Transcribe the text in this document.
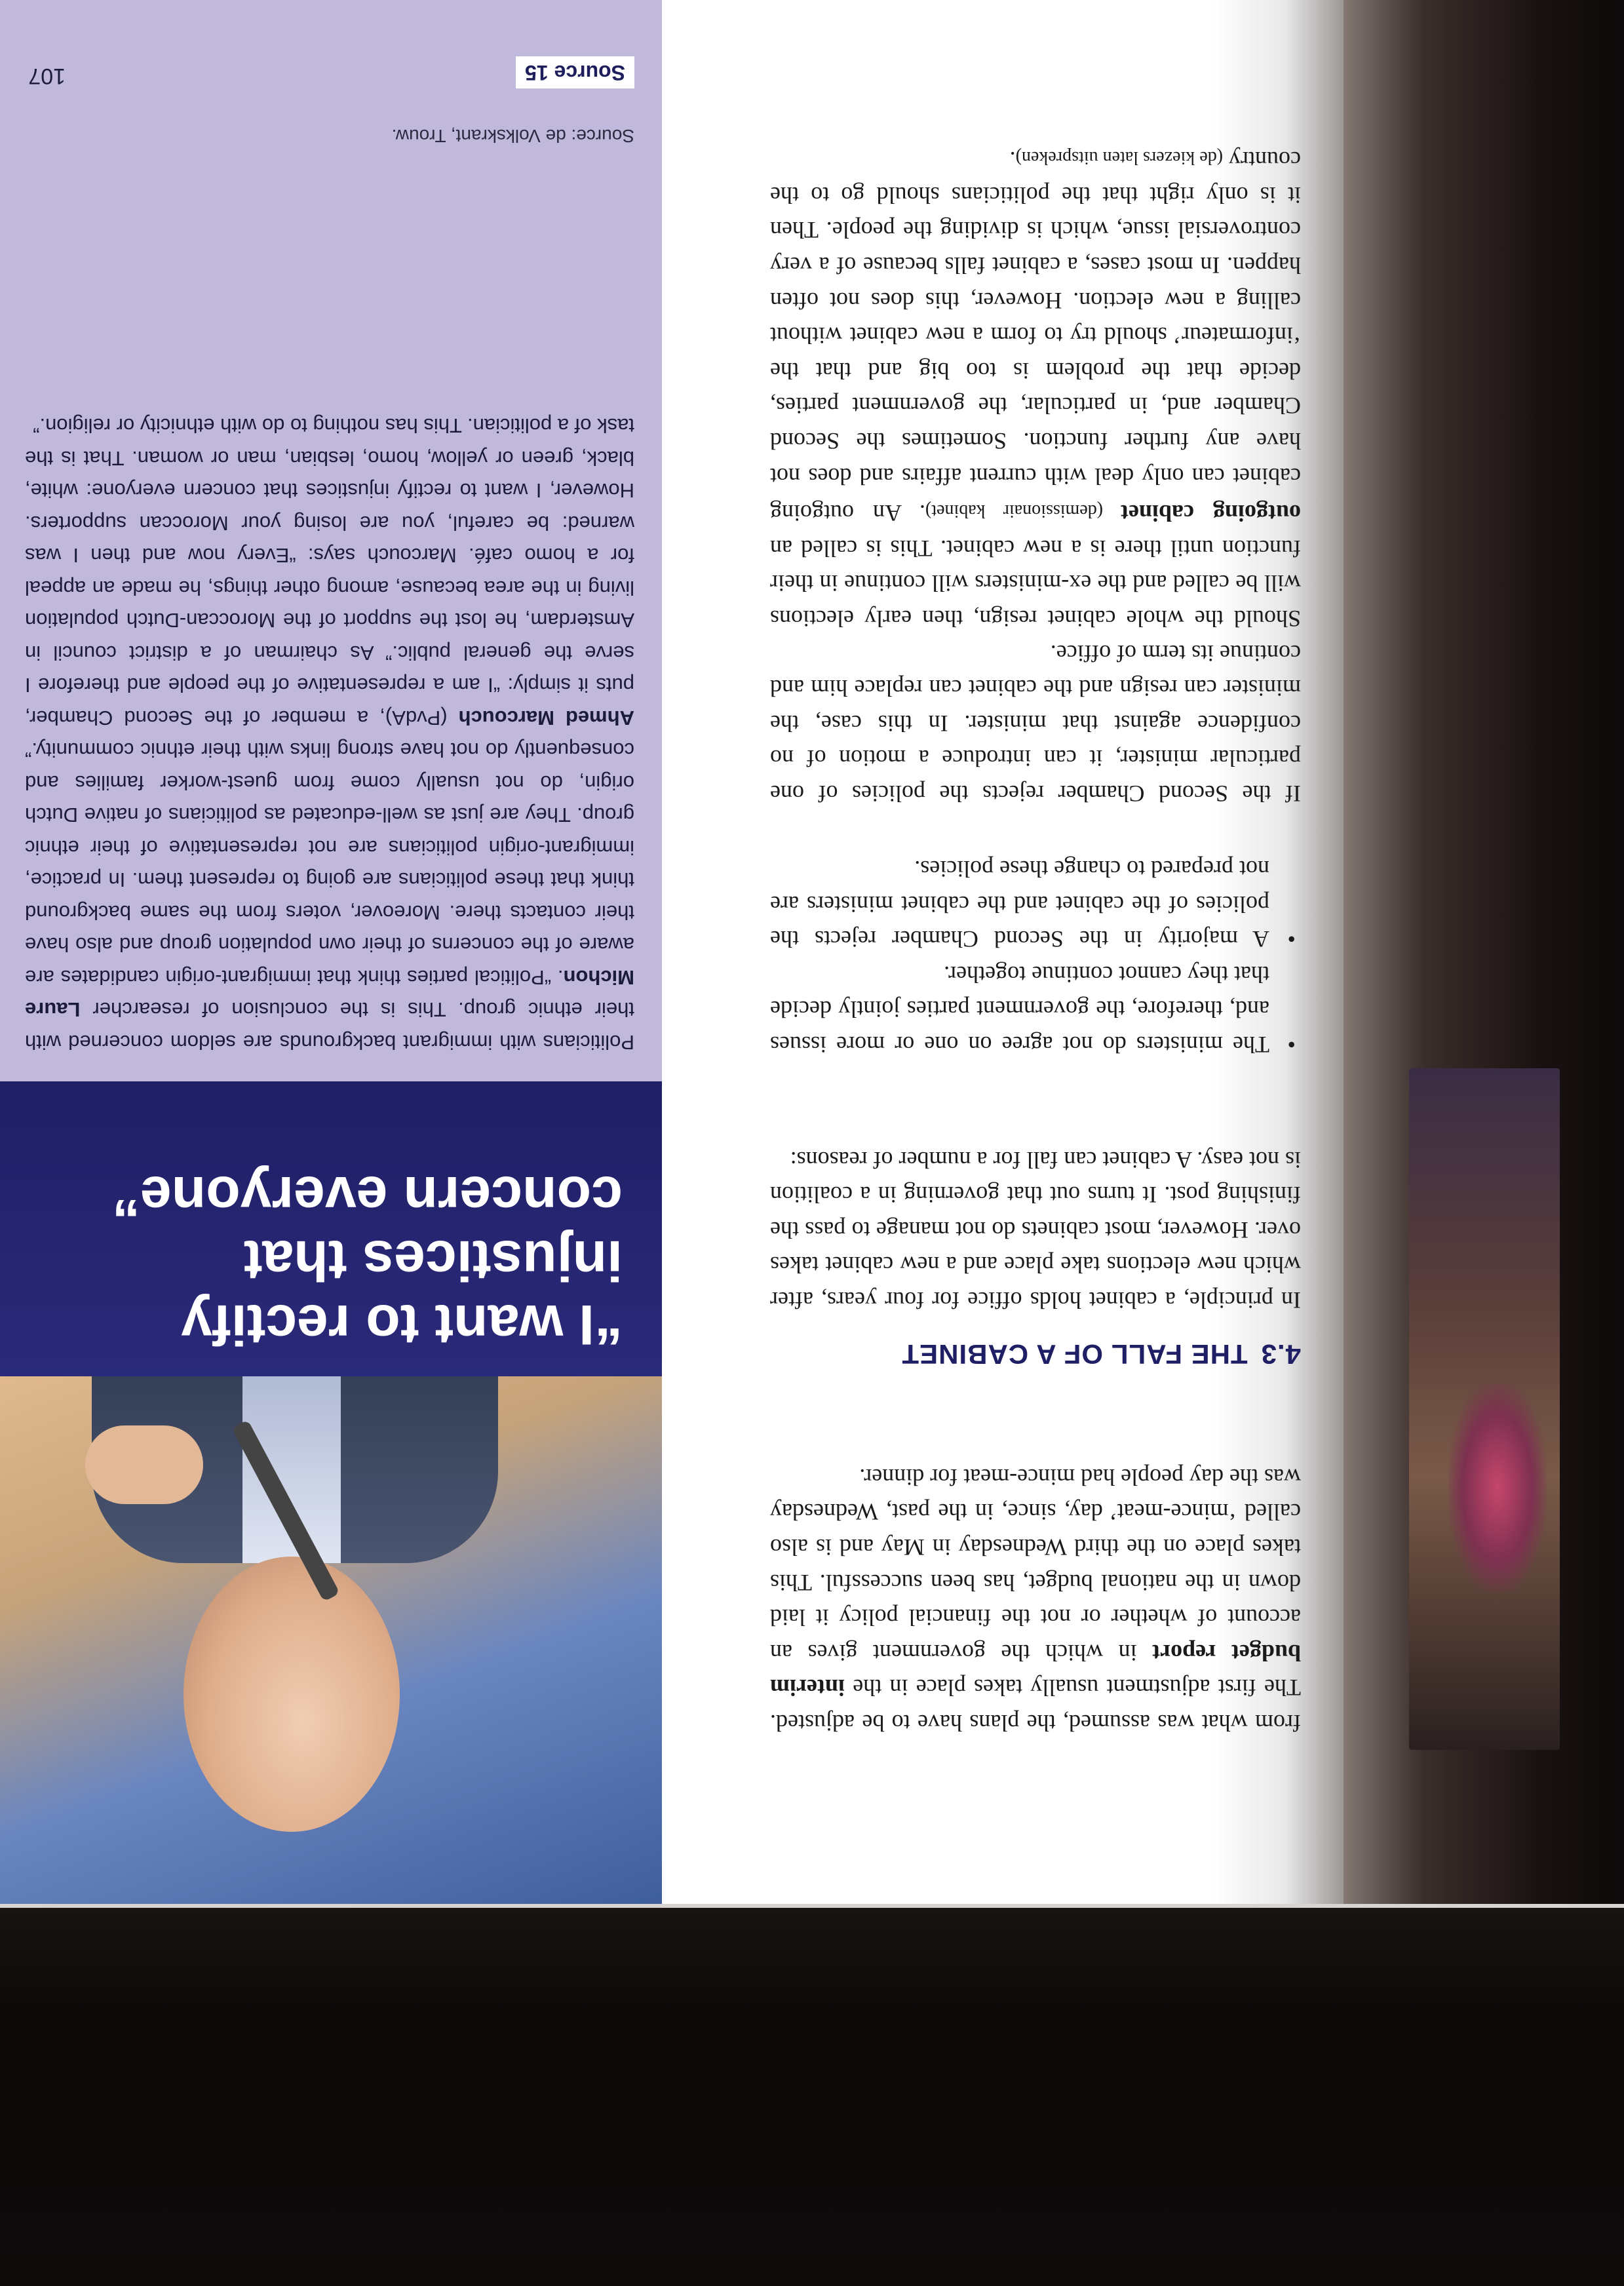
from what was assumed, the plans have to be adjusted. The first adjustment usually takes place in the interim budget report in which the government gives an account of whether or not the financial policy it laid down in the national budget, has been successful. This takes place on the third Wednesday in May and is also called ‘mince-meat’ day, since, in the past, Wednesday was the day people had mince-meat for dinner.

4.3THE FALL OF A CABINET

In principle, a cabinet holds office for four years, after which new elections take place and a new cabinet takes over. However, most cabinets do not manage to pass the finishing post. It turns out that governing in a coalition is not easy. A cabinet can fall for a number of reasons:

• The ministers do not agree on one or more issues and, therefore, the government parties jointly decide that they cannot continue together.
• A majority in the Second Chamber rejects the policies of the cabinet and the cabinet ministers are not prepared to change these policies.

If the Second Chamber rejects the policies of one particular minister, it can introduce a motion of no confidence against that minister. In this case, the minister can resign and the cabinet can replace him and continue its term of office.

Should the whole cabinet resign, then early elections will be called and the ex-ministers will continue in their function until there is a new cabinet. This is called an outgoing cabinet (demissionair kabinet). An outgoing cabinet can only deal with current affairs and does not have any further function. Sometimes the Second Chamber and, in particular, the government parties, decide that the problem is too big and that the ‘informateur’ should try to form a new cabinet without calling a new election. However, this does not often happen. In most cases, a cabinet falls because of a very controversial issue, which is dividing the people. Then it is only right that the politicians should go to the country (de kiezers laten uitspreken).

“I want to rectify injustices that concern everyone”

Politicians with immigrant backgrounds are seldom concerned with their ethnic group. This is the conclusion of researcher Laure Michon. “Political parties think that immigrant-origin candidates are aware of the concerns of their own population group and also have their contacts there. Moreover, voters from the same background think that these politicians are going to represent them. In practice, immigrant-origin politicians are not representative of their ethnic group. They are just as well-educated as politicians of native Dutch origin, do not usually come from guest-worker families and consequently do not have strong links with their ethnic community.” Ahmed Marcouch (PvdA), a member of the Second Chamber, puts it simply: “I am a representative of the people and therefore I serve the general public.” As chairman of a district council in Amsterdam, he lost the support of the Moroccan-Dutch population living in the area because, among other things, he made an appeal for a homo café. Marcouch says: “Every now and then I was warned: be careful, you are losing your Moroccan supporters. However, I want to rectify injustices that concern everyone: white, black, green or yellow, homo, lesbian, man or woman. That is the task of a politician. This has nothing to do with ethnicity or religion.”

Source: de Volkskrant, Trouw.
Source 15
107
